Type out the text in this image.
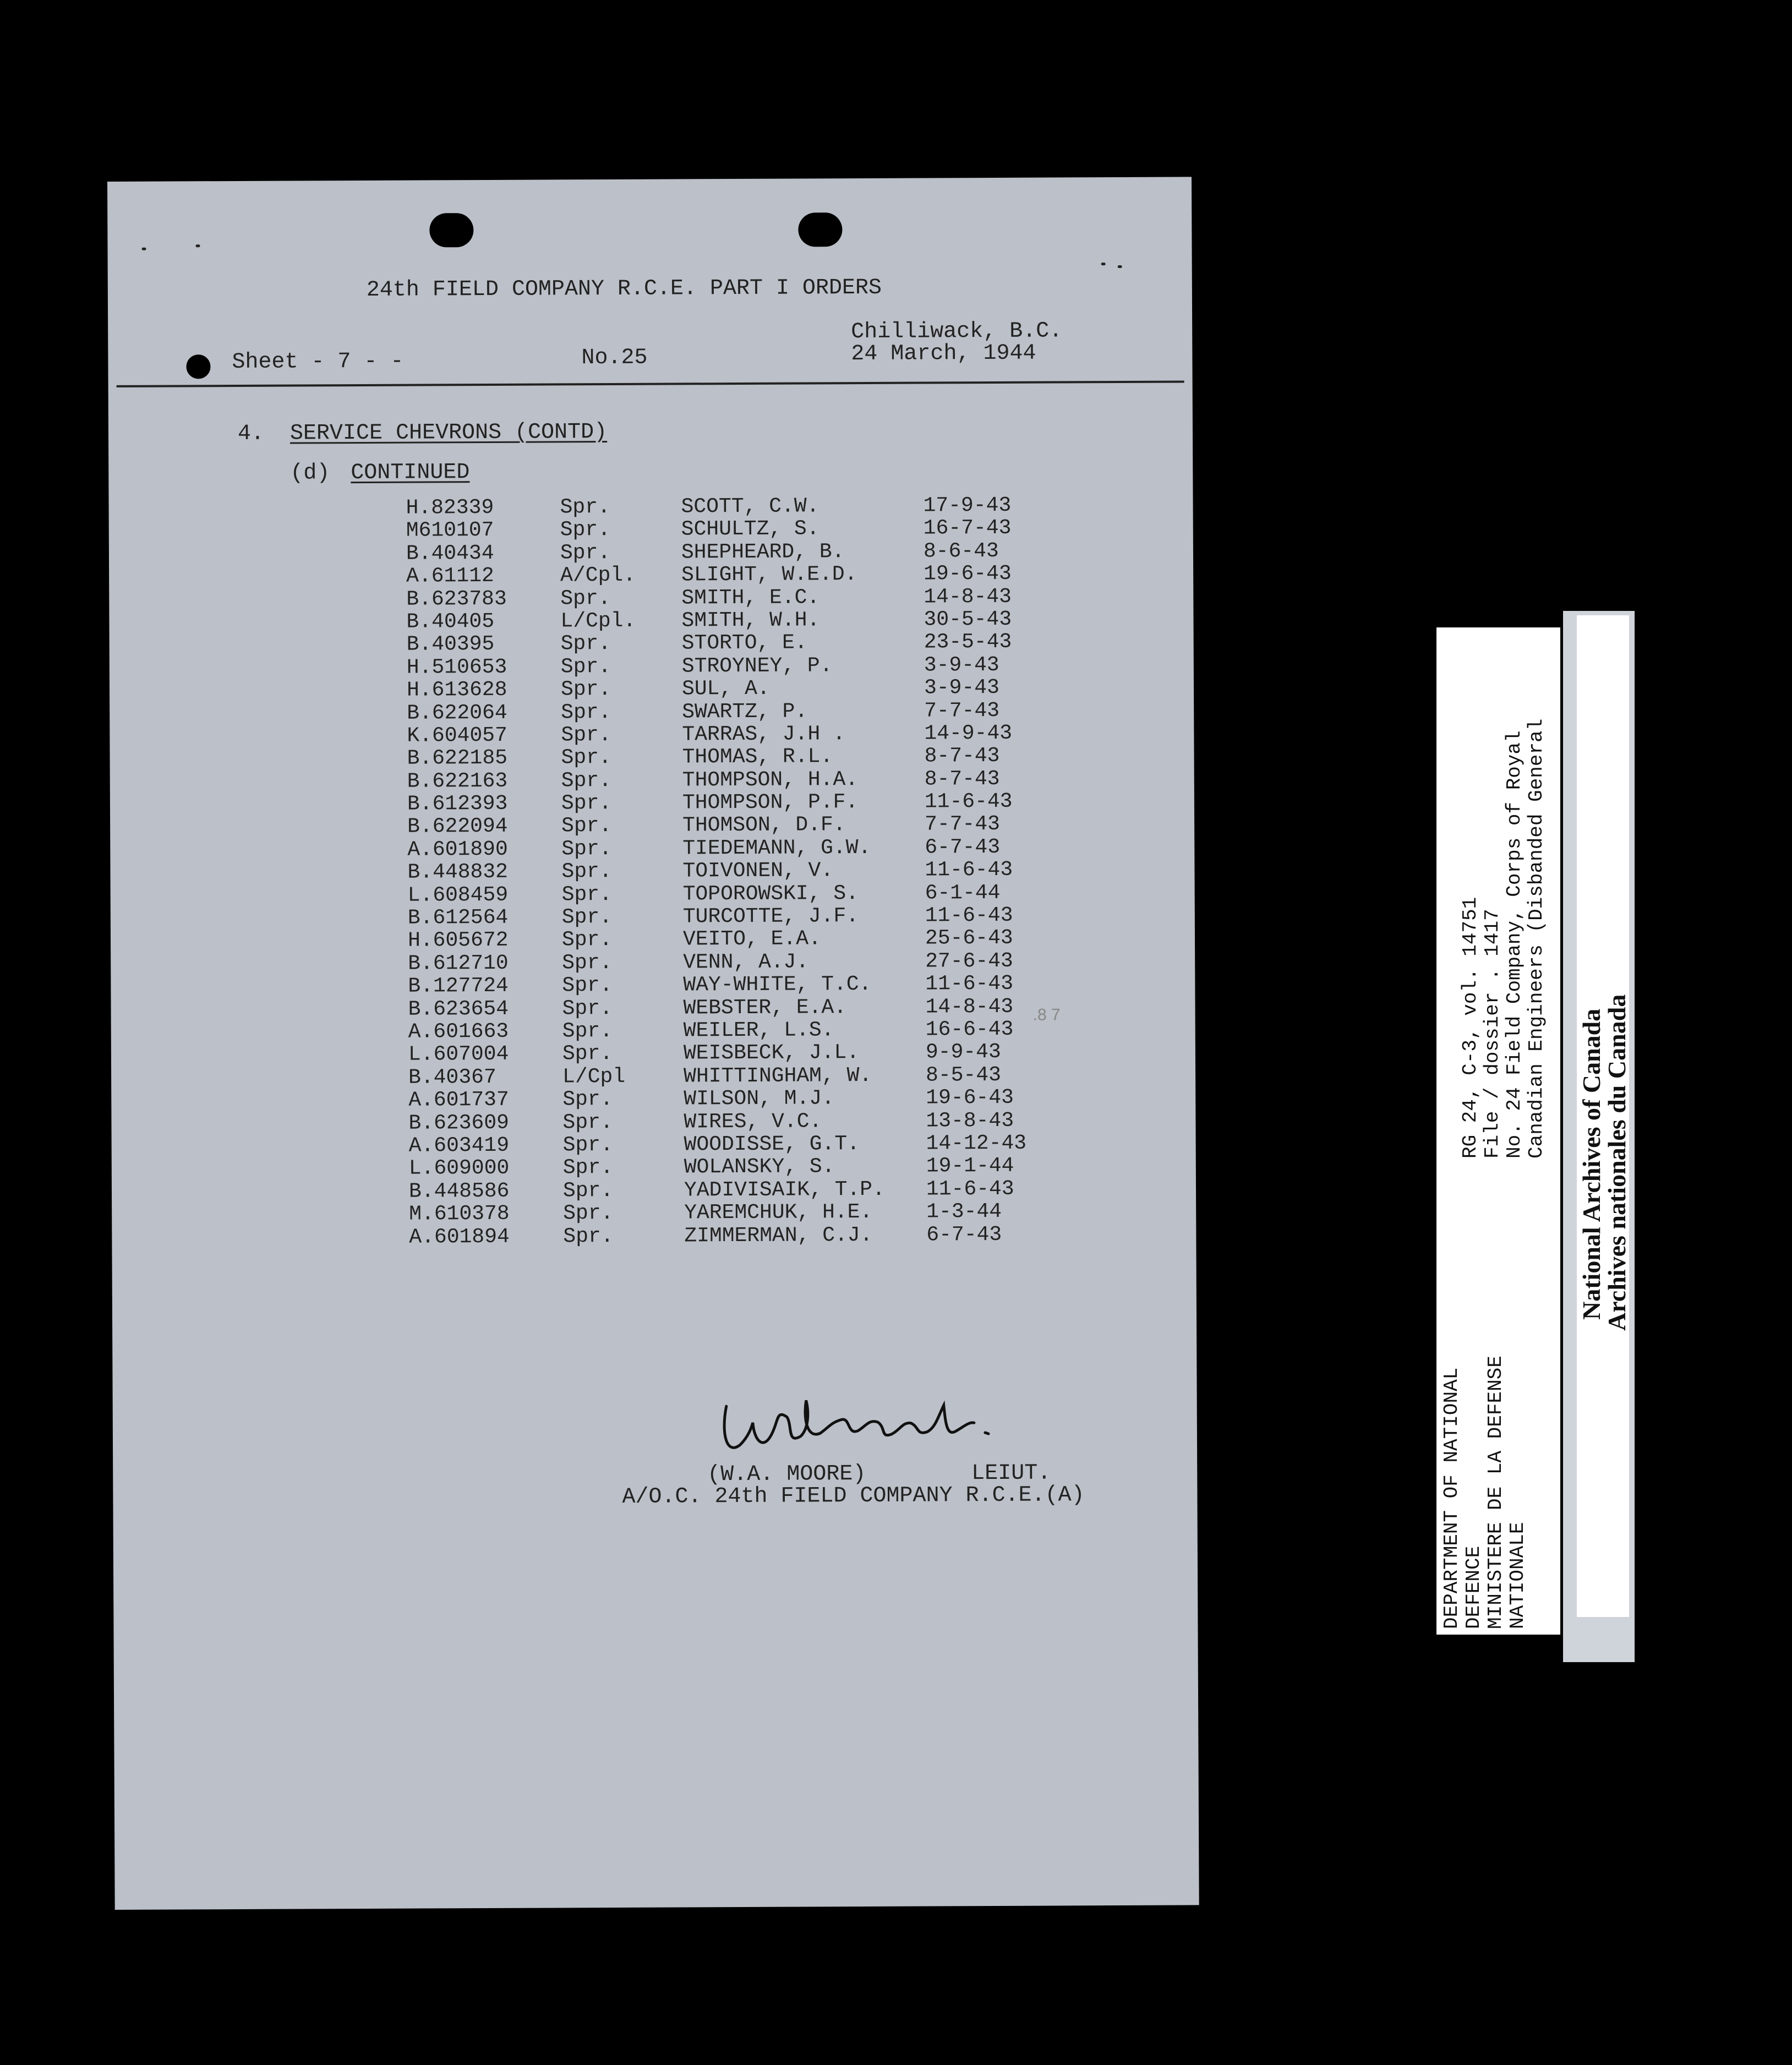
24th FIELD COMPANY R.C.E. PART I ORDERS
Sheet - 7 - -	No.25
Chilliwack, B.C.
24 March, 1944
4. SERVICE CHEVRONS (CONTD)
(d) CONTINUED
H.82339	Spr.	SCOTT, C.W.	17-9-43
M610107	Spr.	SCHULTZ, S.	16-7-43
B.40434	Spr.	SHEPHEARD, B.	8-6-43
A.61112	A/Cpl.	SLIGHT, W.E.D.	19-6-43
B.623783	Spr.	SMITH, E.C.	14-8-43
B.40405	L/Cpl.	SMITH, W.H.	30-5-43
B.40395	Spr.	STORTO, E.	23-5-43
H.510653	Spr.	STROYNEY, P.	3-9-43
H.613628	Spr.	SUL, A.	3-9-43
B.622064	Spr.	SWARTZ, P.	7-7-43
K.604057	Spr.	TARRAS, J.H .	14-9-43
B.622185	Spr.	THOMAS, R.L.	8-7-43
B.622163	Spr.	THOMPSON, H.A.	8-7-43
B.612393	Spr.	THOMPSON, P.F.	11-6-43
B.622094	Spr.	THOMSON, D.F.	7-7-43
A.601890	Spr.	TIEDEMANN, G.W.	6-7-43
B.448832	Spr.	TOIVONEN, V.	11-6-43
L.608459	Spr.	TOPOROWSKI, S.	6-1-44
B.612564	Spr.	TURCOTTE, J.F.	11-6-43
H.605672	Spr.	VEITO, E.A.	25-6-43
B.612710	Spr.	VENN, A.J.	27-6-43
B.127724	Spr.	WAY-WHITE, T.C.	11-6-43
B.623654	Spr.	WEBSTER, E.A.	14-8-43
A.601663	Spr.	WEILER, L.S.	16-6-43
L.607004	Spr.	WEISBECK, J.L.	9-9-43
B.40367	L/Cpl	WHITTINGHAM, W.	8-5-43
A.601737	Spr.	WILSON, M.J.	19-6-43
B.623609	Spr.	WIRES, V.C.	13-8-43
A.603419	Spr.	WOODISSE, G.T.	14-12-43
L.609000	Spr.	WOLANSKY, S.	19-1-44
B.448586	Spr.	YADIVISAIK, T.P.	11-6-43
M.610378	Spr.	YAREMCHUK, H.E.	1-3-44
A.601894	Spr.	ZIMMERMAN, C.J.	6-7-43
.8 7
(W.A. MOORE)	LEIUT.
A/O.C. 24th FIELD COMPANY R.C.E.(A)	DEPARTMENT OF NATIONAL DEFENCE MINISTERE DE LA DEFENSE NATIONALE
RG 24, C-3, vol. 14751 File / dossier . 1417 No. 24 Field Company, Corps of Royal Canadian Engineers (Disbanded General
National Archives of Canada
Archives nationales du Canada
